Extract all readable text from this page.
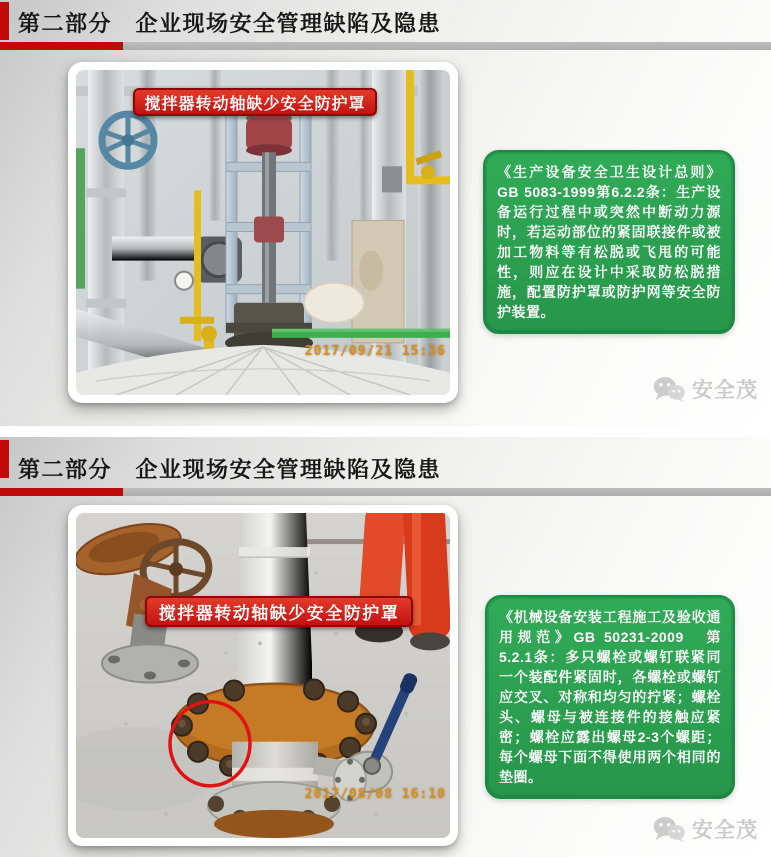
第二部分　企业现场安全管理缺陷及隐患
搅拌器转动轴缺少安全防护罩
2017/09/21 15:36
《生产设备安全卫生设计总则》GB 5083-1999第6.2.2条：生产设备运行过程中或突然中断动力源时，若运动部位的紧固联接件或被加工物料等有松脱或飞甩的可能性，则应在设计中采取防松脱措施，配置防护罩或防护网等安全防护装置。
安全茂
第二部分　企业现场安全管理缺陷及隐患
搅拌器转动轴缺少安全防护罩
2017/08/08 16:10
《机械设备安装工程施工及验收通用规范》GB 50231-2009　第5.2.1条：多只螺栓或螺钉联紧同一个装配件紧固时，各螺栓或螺钉应交叉、对称和均匀的拧紧；螺栓头、螺母与被连接件的接触应紧密；螺栓应露出螺母2-3个螺距；每个螺母下面不得使用两个相同的垫圈。
安全茂
